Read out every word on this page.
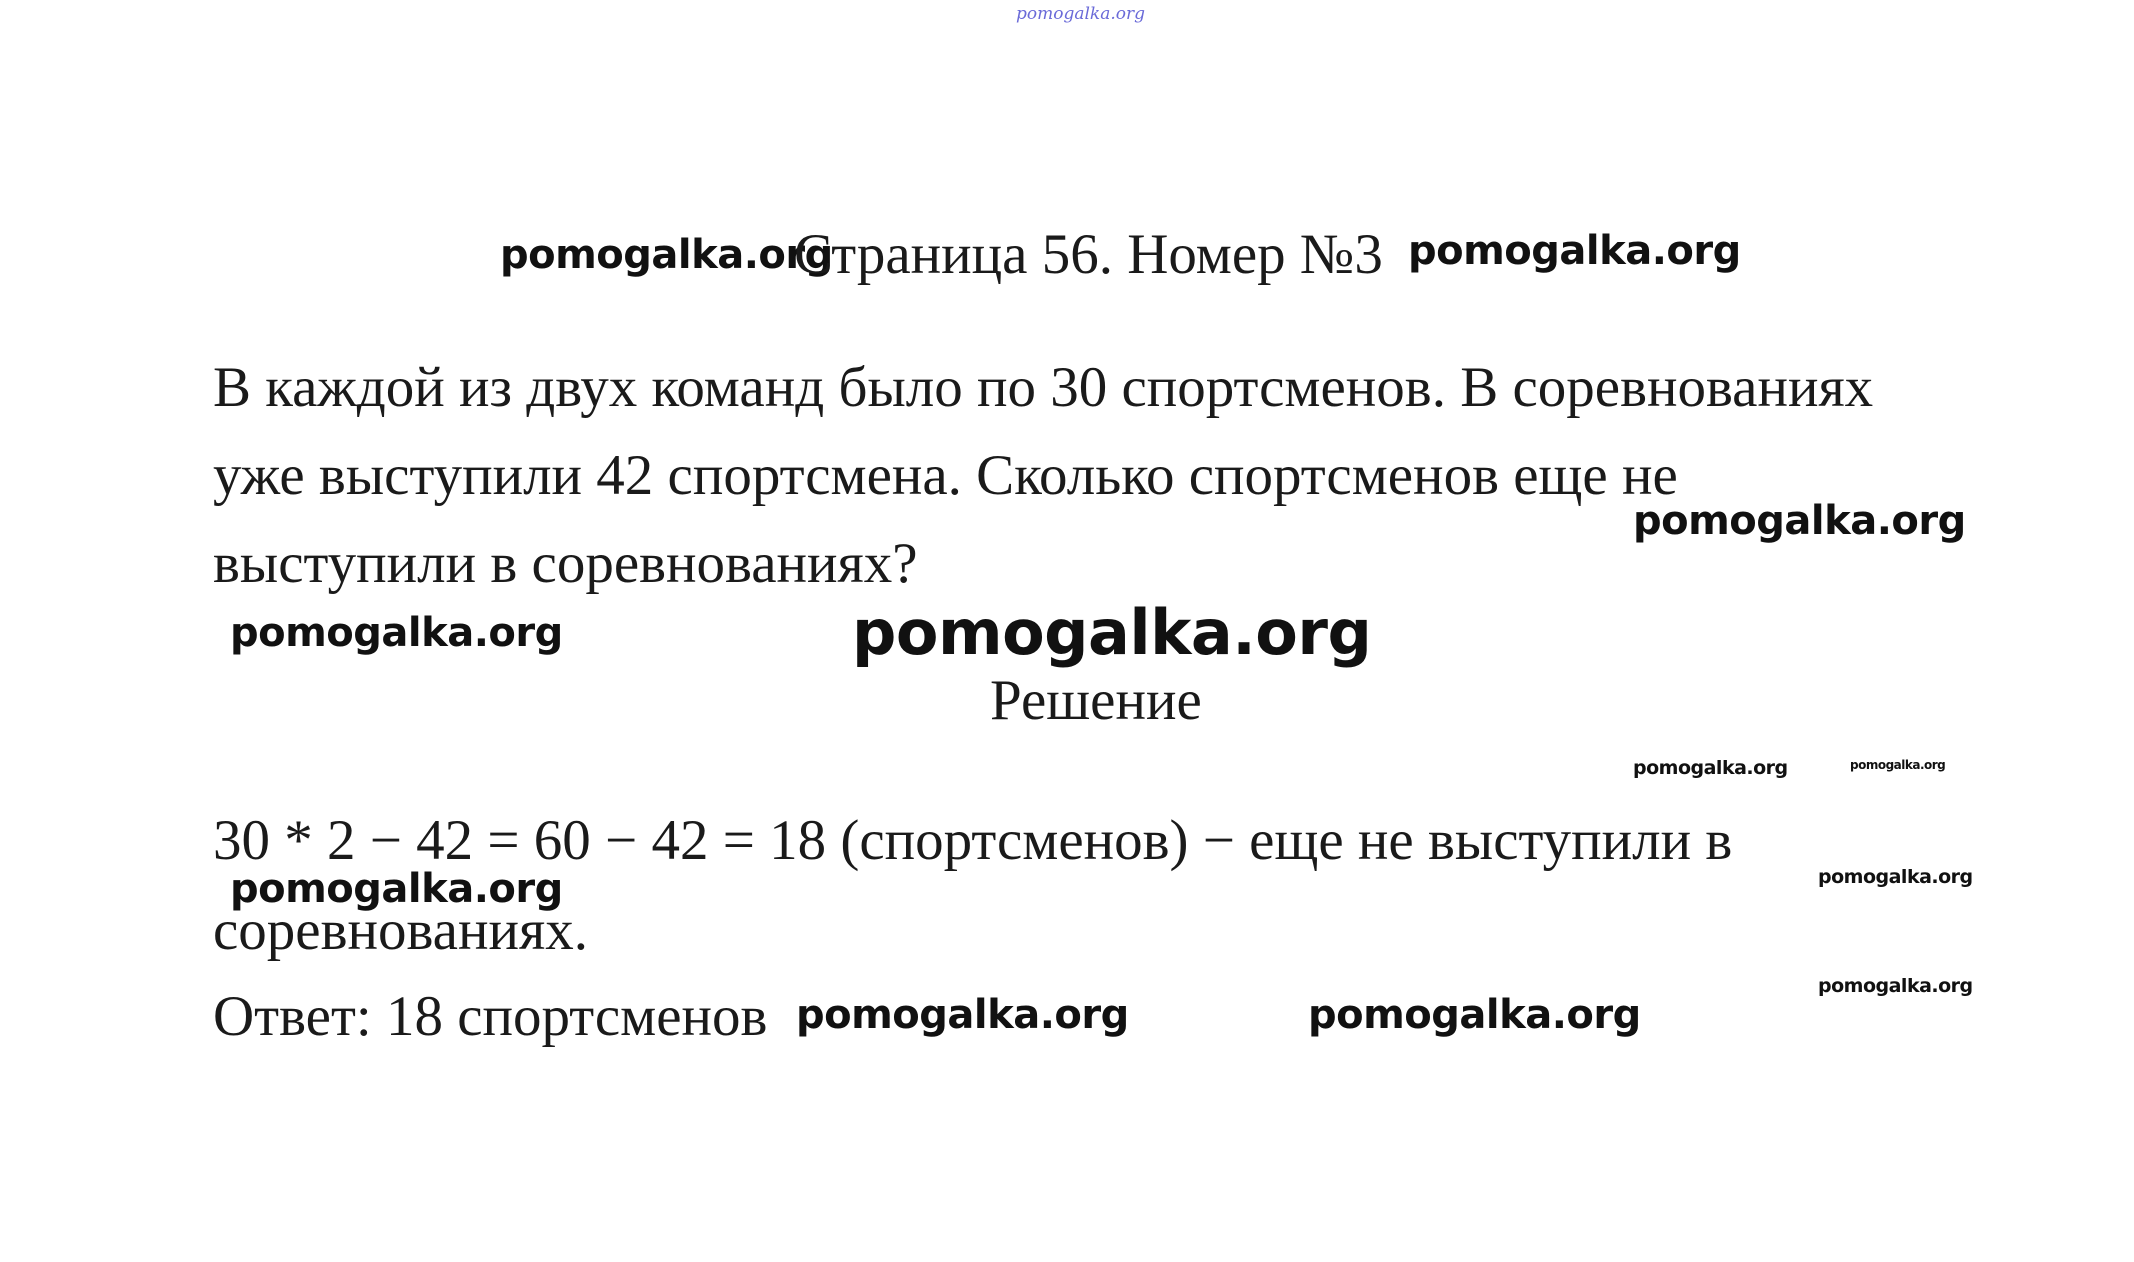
pomogalka.org
pomogalka.org
Страница 56. Номер №3 pomogalka.org
В каждой из двух команд было по 30 спортсменов. В соревнованиях
уже выступили 42 спортсмена. Сколько спортсменов еще не
pomogalka.org
выступили в соревнованиях?
pomogalka.org	pomogalka.org
Решение
pomogalka.org	pomogalka.org
30 * 2 − 42 = 60 − 42 = 18 (спортсменов) − еще не выступили в
pomogalka.org	pomogalka.org
соревнованиях.
pomogalka.org
Ответ: 18 спортсменов pomogalka.org	pomogalka.org
